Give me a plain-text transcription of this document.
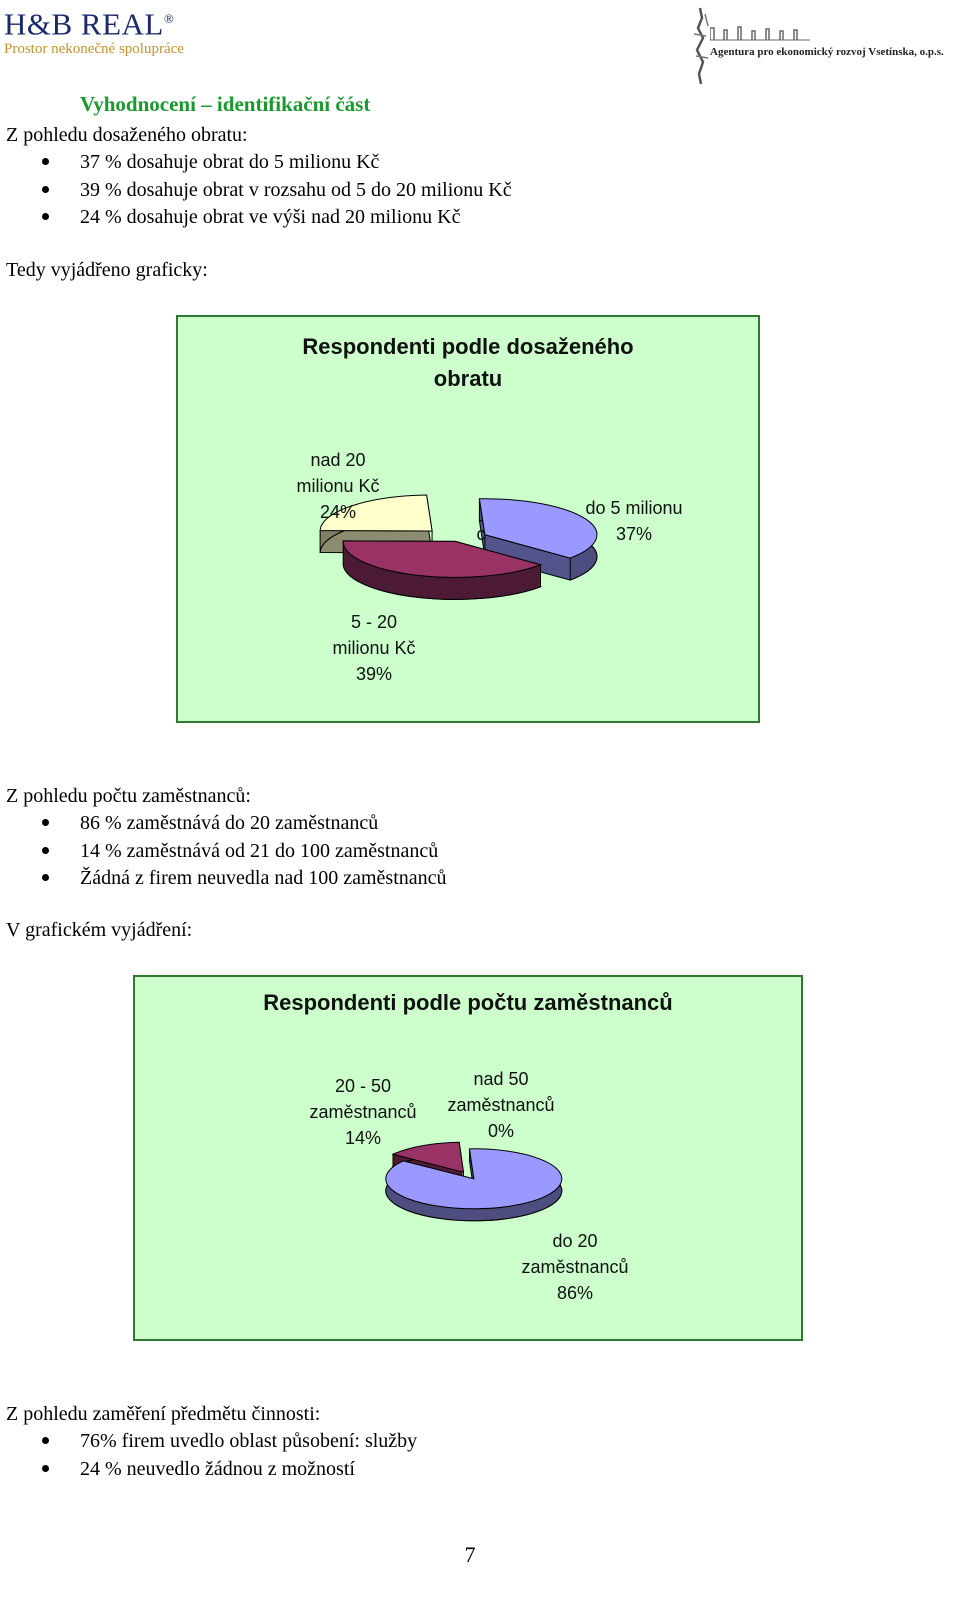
H&B REAL®
Prostor nekonečné spolupráce	Agentura pro ekonomický rozvoj Vsetínska, o.p.s.
Vyhodnocení – identifikační část
Z pohledu dosaženého obratu:
37 % dosahuje obrat do 5 milionu Kč
39 % dosahuje obrat v rozsahu od 5 do 20 milionu Kč
24 % dosahuje obrat ve výši nad 20 milionu Kč
Tedy vyjádřeno graficky:
Respondenti podle dosaženého
obratu
nad 20
milionu Kč
24%
c
do 5 milionu
37%
5 - 20
milionu Kč
39%
Z pohledu počtu zaměstnanců:
86 % zaměstnává do 20 zaměstnanců
14 % zaměstnává od 21 do 100 zaměstnanců
Žádná z firem neuvedla nad 100 zaměstnanců
V grafickém vyjádření:
Respondenti podle počtu zaměstnanců
20 - 50
zaměstnanců
14%
nad 50
zaměstnanců
0%
do 20
zaměstnanců
86%
Z pohledu zaměření předmětu činnosti:
76% firem uvedlo oblast působení: služby
24 % neuvedlo žádnou z možností
7
